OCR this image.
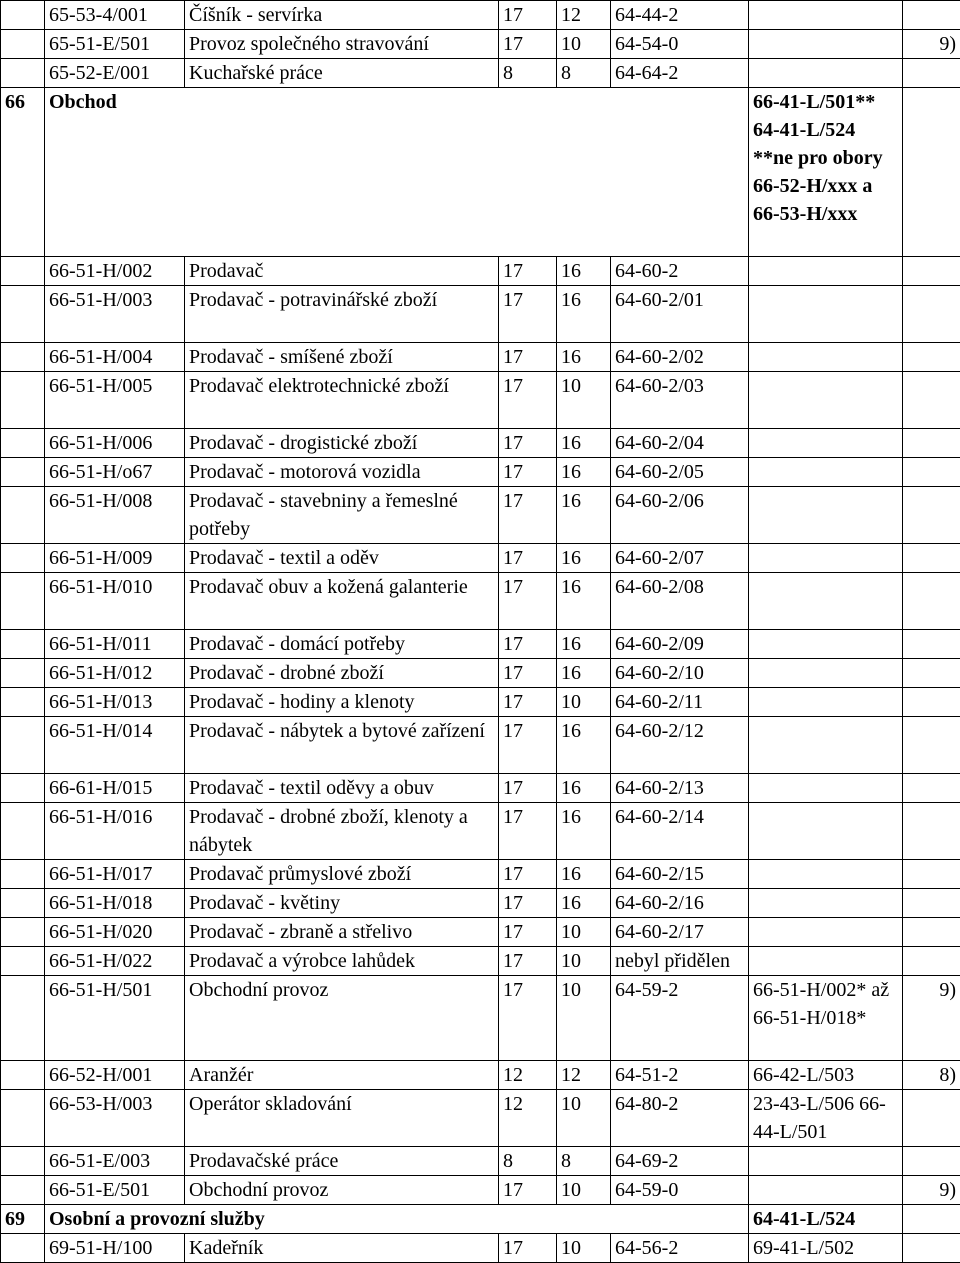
	65-53-4/001	Číšník - servírka	17	12	64-44-2		
	65-51-E/501	Provoz společného stravování	17	10	64-54-0		9)
	65-52-E/001	Kuchařské práce	8	8	64-64-2		
66	Obchod					66-41-L/501** 64-41-L/524 **ne pro obory 66-52-H/xxx a 66-53-H/xxx	
	66-51-H/002	Prodavač	17	16	64-60-2		
	66-51-H/003	Prodavač - potravinářské zboží	17	16	64-60-2/01		
	66-51-H/004	Prodavač - smíšené zboží	17	16	64-60-2/02		
	66-51-H/005	Prodavač elektrotechnické zboží	17	10	64-60-2/03		
	66-51-H/006	Prodavač - drogistické zboží	17	16	64-60-2/04		
	66-51-H/o67	Prodavač - motorová vozidla	17	16	64-60-2/05		
	66-51-H/008	Prodavač - stavebniny a řemeslné potřeby	17	16	64-60-2/06		
	66-51-H/009	Prodavač - textil a oděv	17	16	64-60-2/07		
	66-51-H/010	Prodavač obuv a kožená galanterie	17	16	64-60-2/08		
	66-51-H/011	Prodavač - domácí potřeby	17	16	64-60-2/09		
	66-51-H/012	Prodavač - drobné zboží	17	16	64-60-2/10		
	66-51-H/013	Prodavač - hodiny a klenoty	17	10	64-60-2/11		
	66-51-H/014	Prodavač - nábytek a bytové zařízení	17	16	64-60-2/12		
	66-61-H/015	Prodavač - textil oděvy a obuv	17	16	64-60-2/13		
	66-51-H/016	Prodavač - drobné zboží, klenoty a nábytek	17	16	64-60-2/14		
	66-51-H/017	Prodavač průmyslové zboží	17	16	64-60-2/15		
	66-51-H/018	Prodavač - květiny	17	16	64-60-2/16		
	66-51-H/020	Prodavač - zbraně a střelivo	17	10	64-60-2/17		
	66-51-H/022	Prodavač a výrobce lahůdek	17	10	nebyl přidělen		
	66-51-H/501	Obchodní provoz	17	10	64-59-2	66-51-H/002* až 66-51-H/018*	9)
	66-52-H/001	Aranžér	12	12	64-51-2	66-42-L/503	8)
	66-53-H/003	Operátor skladování	12	10	64-80-2	23-43-L/506 66-44-L/501	
	66-51-E/003	Prodavačské práce	8	8	64-69-2		
	66-51-E/501	Obchodní provoz	17	10	64-59-0		9)
69	Osobní a provozní služby					64-41-L/524	
	69-51-H/100	Kadeřník	17	10	64-56-2	69-41-L/502	
